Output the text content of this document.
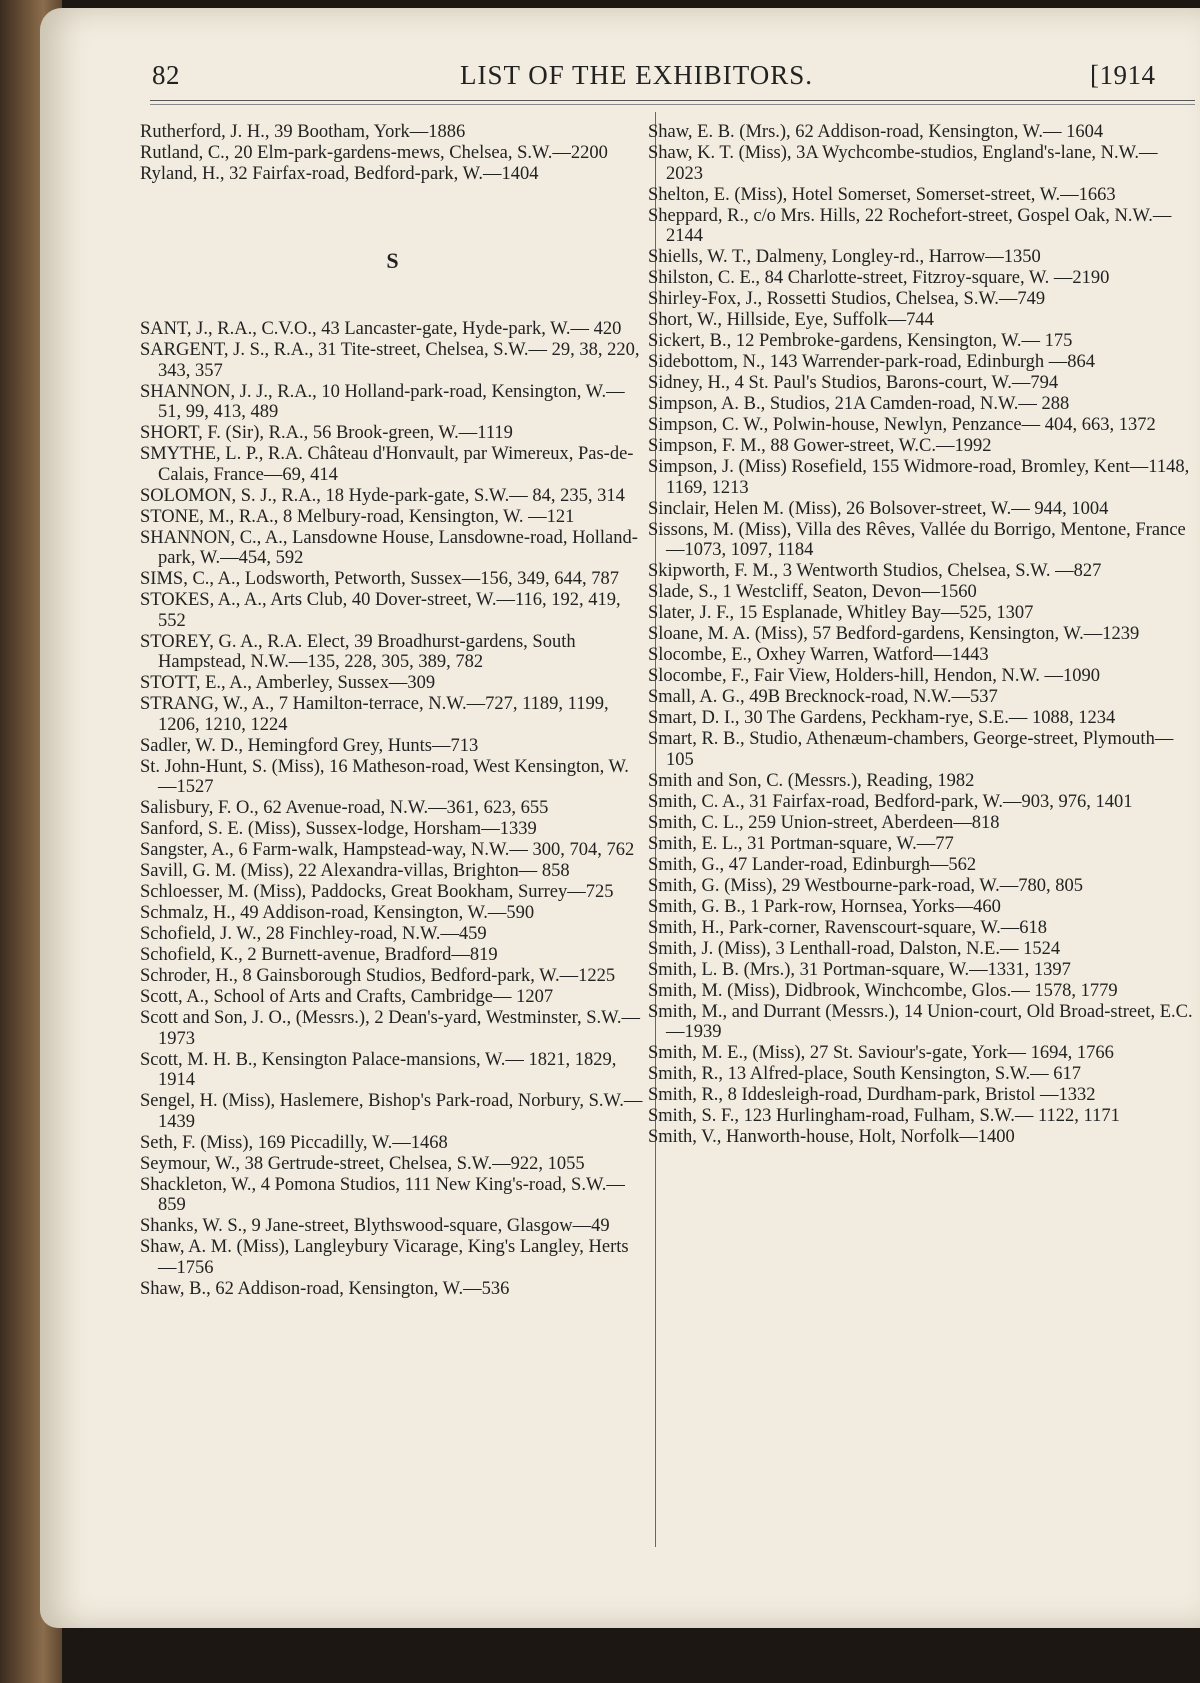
82	LIST OF THE EXHIBITORS.	[1914
Rutherford, J. H., 39 Bootham, York—1886
Rutland, C., 20 Elm-park-gardens-mews, Chelsea, S.W.—2200
Ryland, H., 32 Fairfax-road, Bedford-park, W.—1404
S
SANT, J., R.A., C.V.O., 43 Lancaster-gate, Hyde-park, W.— 420
SARGENT, J. S., R.A., 31 Tite-street, Chelsea, S.W.— 29, 38, 220, 343, 357
SHANNON, J. J., R.A., 10 Holland-park-road, Kensington, W.—51, 99, 413, 489
SHORT, F. (Sir), R.A., 56 Brook-green, W.—1119
SMYTHE, L. P., R.A. Château d'Honvault, par Wimereux, Pas-de-Calais, France—69, 414
SOLOMON, S. J., R.A., 18 Hyde-park-gate, S.W.— 84, 235, 314
STONE, M., R.A., 8 Melbury-road, Kensington, W. —121
SHANNON, C., A., Lansdowne House, Lansdowne-road, Holland-park, W.—454, 592
SIMS, C., A., Lodsworth, Petworth, Sussex—156, 349, 644, 787
STOKES, A., A., Arts Club, 40 Dover-street, W.—116, 192, 419, 552
STOREY, G. A., R.A. Elect, 39 Broadhurst-gardens, South Hampstead, N.W.—135, 228, 305, 389, 782
STOTT, E., A., Amberley, Sussex—309
STRANG, W., A., 7 Hamilton-terrace, N.W.—727, 1189, 1199, 1206, 1210, 1224
Sadler, W. D., Hemingford Grey, Hunts—713
St. John-Hunt, S. (Miss), 16 Matheson-road, West Kensington, W.—1527
Salisbury, F. O., 62 Avenue-road, N.W.—361, 623, 655
Sanford, S. E. (Miss), Sussex-lodge, Horsham—1339
Sangster, A., 6 Farm-walk, Hampstead-way, N.W.— 300, 704, 762
Savill, G. M. (Miss), 22 Alexandra-villas, Brighton— 858
Schloesser, M. (Miss), Paddocks, Great Bookham, Surrey—725
Schmalz, H., 49 Addison-road, Kensington, W.—590
Schofield, J. W., 28 Finchley-road, N.W.—459
Schofield, K., 2 Burnett-avenue, Bradford—819
Schroder, H., 8 Gainsborough Studios, Bedford-park, W.—1225
Scott, A., School of Arts and Crafts, Cambridge— 1207
Scott and Son, J. O., (Messrs.), 2 Dean's-yard, Westminster, S.W.—1973
Scott, M. H. B., Kensington Palace-mansions, W.— 1821, 1829, 1914
Sengel, H. (Miss), Haslemere, Bishop's Park-road, Norbury, S.W.—1439
Seth, F. (Miss), 169 Piccadilly, W.—1468
Seymour, W., 38 Gertrude-street, Chelsea, S.W.—922, 1055
Shackleton, W., 4 Pomona Studios, 111 New King's-road, S.W.—859
Shanks, W. S., 9 Jane-street, Blythswood-square, Glasgow—49
Shaw, A. M. (Miss), Langleybury Vicarage, King's Langley, Herts—1756
Shaw, B., 62 Addison-road, Kensington, W.—536
Shaw, E. B. (Mrs.), 62 Addison-road, Kensington, W.— 1604
Shaw, K. T. (Miss), 3A Wychcombe-studios, England's-lane, N.W.—2023
Shelton, E. (Miss), Hotel Somerset, Somerset-street, W.—1663
Sheppard, R., c/o Mrs. Hills, 22 Rochefort-street, Gospel Oak, N.W.—2144
Shiells, W. T., Dalmeny, Longley-rd., Harrow—1350
Shilston, C. E., 84 Charlotte-street, Fitzroy-square, W. —2190
Shirley-Fox, J., Rossetti Studios, Chelsea, S.W.—749
Short, W., Hillside, Eye, Suffolk—744
Sickert, B., 12 Pembroke-gardens, Kensington, W.— 175
Sidebottom, N., 143 Warrender-park-road, Edinburgh —864
Sidney, H., 4 St. Paul's Studios, Barons-court, W.—794
Simpson, A. B., Studios, 21A Camden-road, N.W.— 288
Simpson, C. W., Polwin-house, Newlyn, Penzance— 404, 663, 1372
Simpson, F. M., 88 Gower-street, W.C.—1992
Simpson, J. (Miss) Rosefield, 155 Widmore-road, Bromley, Kent—1148, 1169, 1213
Sinclair, Helen M. (Miss), 26 Bolsover-street, W.— 944, 1004
Sissons, M. (Miss), Villa des Rêves, Vallée du Borrigo, Mentone, France—1073, 1097, 1184
Skipworth, F. M., 3 Wentworth Studios, Chelsea, S.W. —827
Slade, S., 1 Westcliff, Seaton, Devon—1560
Slater, J. F., 15 Esplanade, Whitley Bay—525, 1307
Sloane, M. A. (Miss), 57 Bedford-gardens, Kensington, W.—1239
Slocombe, E., Oxhey Warren, Watford—1443
Slocombe, F., Fair View, Holders-hill, Hendon, N.W. —1090
Small, A. G., 49B Brecknock-road, N.W.—537
Smart, D. I., 30 The Gardens, Peckham-rye, S.E.— 1088, 1234
Smart, R. B., Studio, Athenæum-chambers, George-street, Plymouth—105
Smith and Son, C. (Messrs.), Reading, 1982
Smith, C. A., 31 Fairfax-road, Bedford-park, W.—903, 976, 1401
Smith, C. L., 259 Union-street, Aberdeen—818
Smith, E. L., 31 Portman-square, W.—77
Smith, G., 47 Lander-road, Edinburgh—562
Smith, G. (Miss), 29 Westbourne-park-road, W.—780, 805
Smith, G. B., 1 Park-row, Hornsea, Yorks—460
Smith, H., Park-corner, Ravenscourt-square, W.—618
Smith, J. (Miss), 3 Lenthall-road, Dalston, N.E.— 1524
Smith, L. B. (Mrs.), 31 Portman-square, W.—1331, 1397
Smith, M. (Miss), Didbrook, Winchcombe, Glos.— 1578, 1779
Smith, M., and Durrant (Messrs.), 14 Union-court, Old Broad-street, E.C.—1939
Smith, M. E., (Miss), 27 St. Saviour's-gate, York— 1694, 1766
Smith, R., 13 Alfred-place, South Kensington, S.W.— 617
Smith, R., 8 Iddesleigh-road, Durdham-park, Bristol —1332
Smith, S. F., 123 Hurlingham-road, Fulham, S.W.— 1122, 1171
Smith, V., Hanworth-house, Holt, Norfolk—1400
